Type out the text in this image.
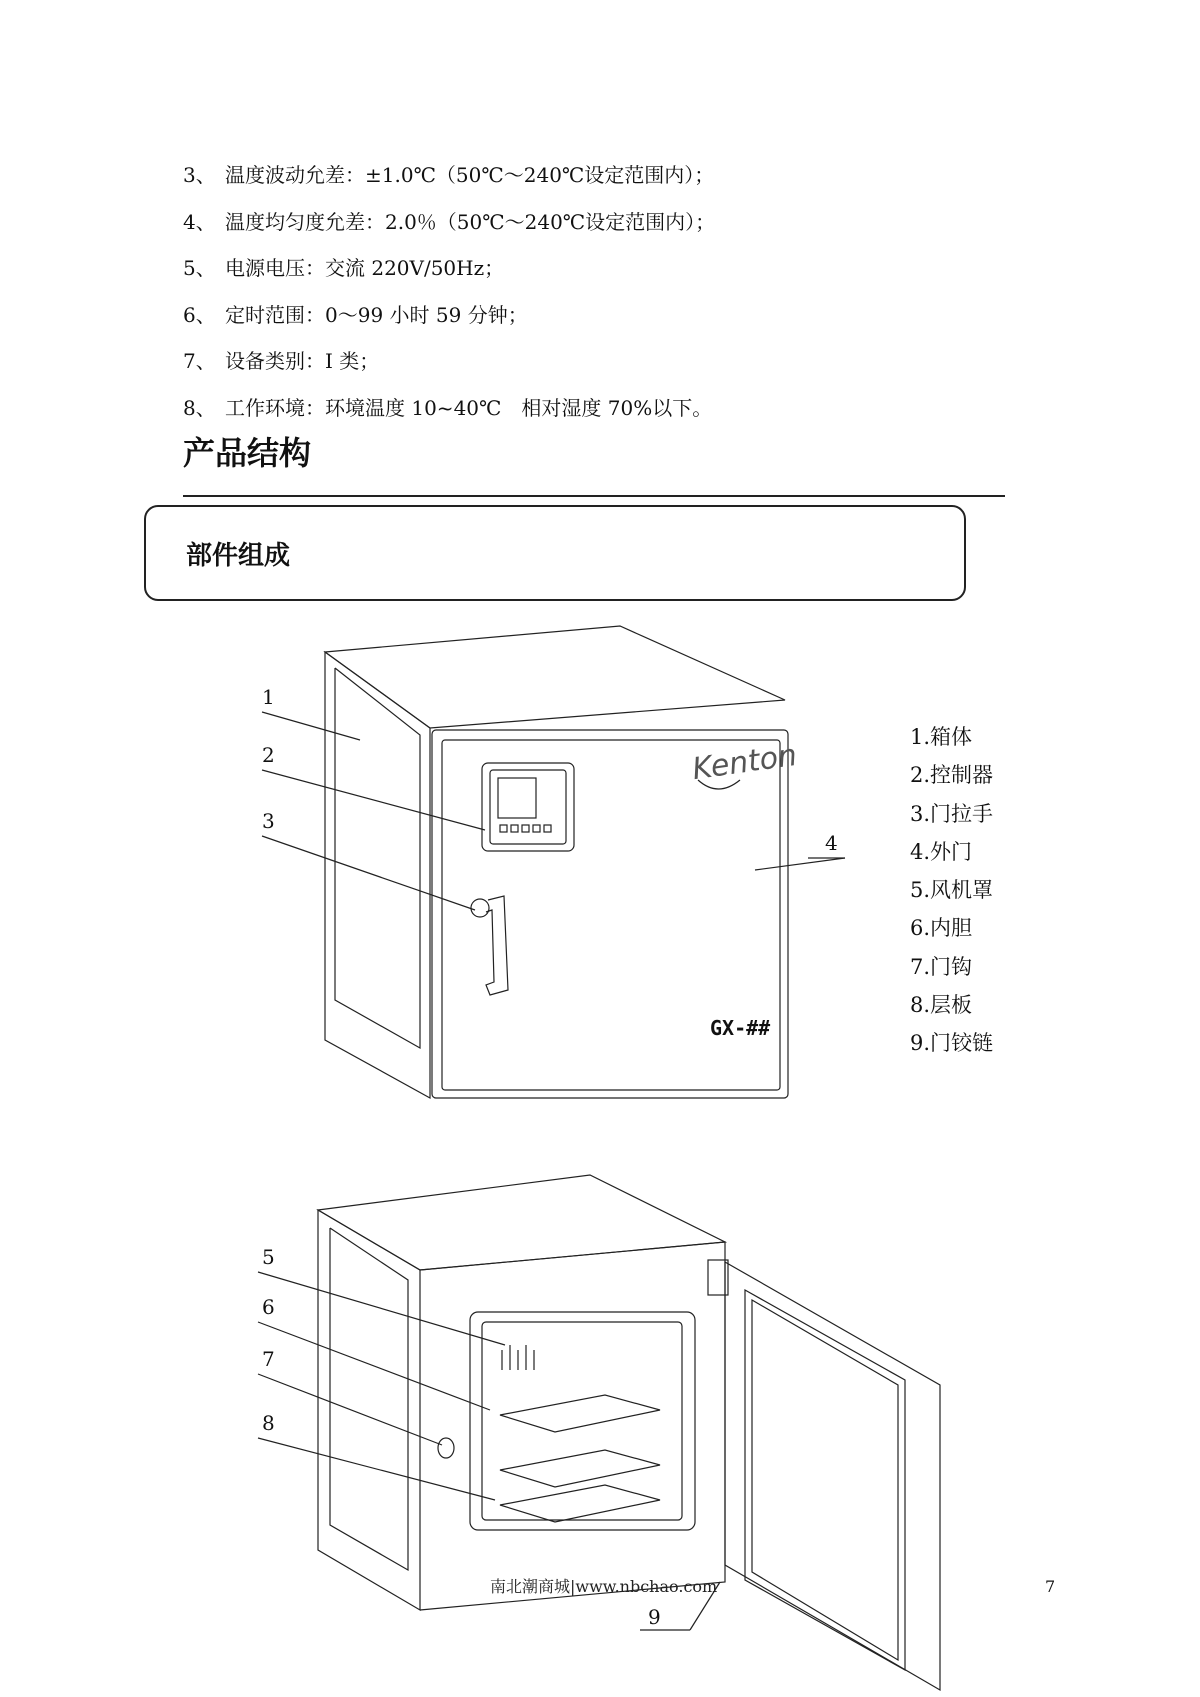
3、 温度波动允差：±1.0℃（50℃～240℃设定范围内）；
4、 温度均匀度允差：2.0％（50℃～240℃设定范围内）；
5、 电源电压：交流 220V/50Hz；
6、 定时范围：0～99 小时 59 分钟；
7、 设备类别：I 类；
8、 工作环境：环境温度 10~40℃　相对湿度 70%以下。
产品结构
部件组成
1
2
3
4
5
6
7
8
9
Kenton
GX-##
1.箱体
2.控制器
3.门拉手
4.外门
5.风机罩
6.内胆
7.门钩
8.层板
9.门铰链
南北潮商城|www.nbchao.com	7
